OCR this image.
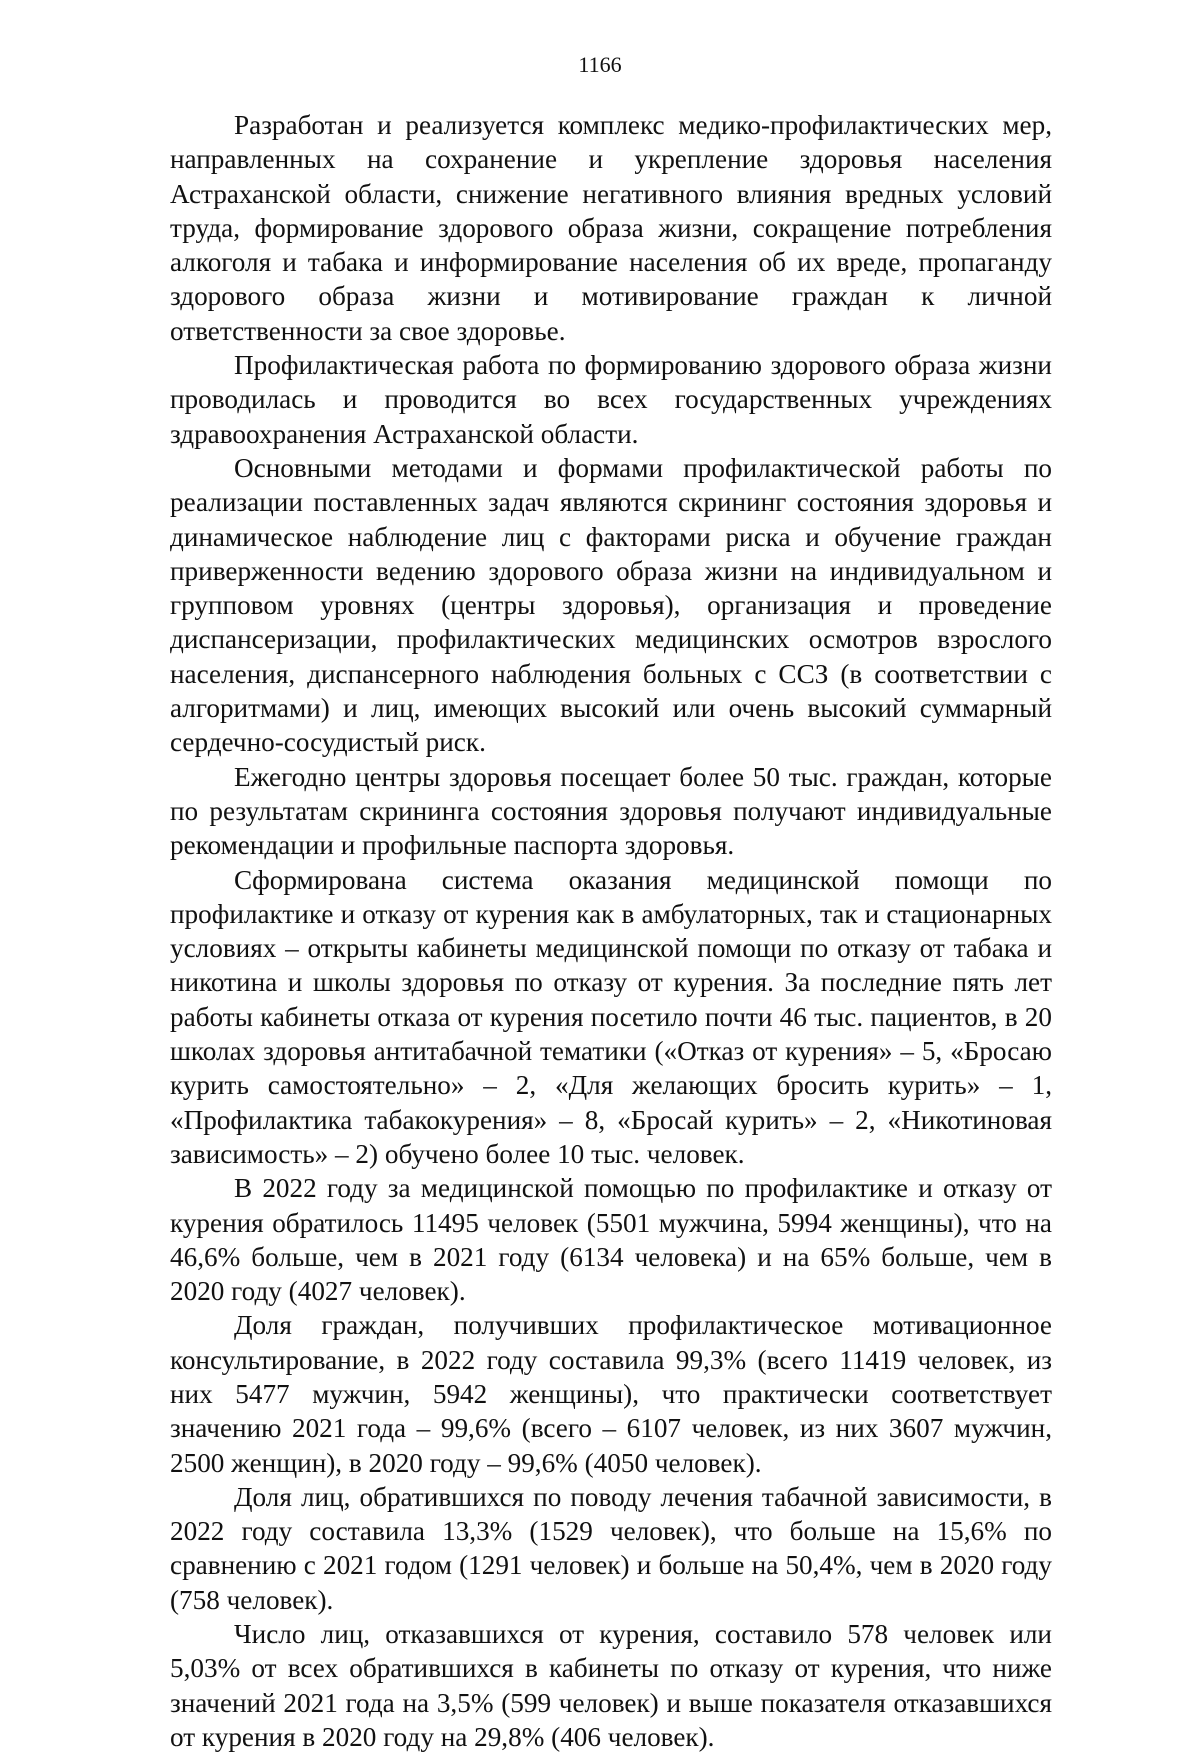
1166

Разработан и реализуется комплекс медико-профилактических мер, направленных на сохранение и укрепление здоровья населения Астраханской области, снижение негативного влияния вредных условий труда, формирование здорового образа жизни, сокращение потребления алкоголя и табака и информирование населения об их вреде, пропаганду здорового образа жизни и мотивирование граждан к личной ответственности за свое здоровье.

Профилактическая работа по формированию здорового образа жизни проводилась и проводится во всех государственных учреждениях здравоохранения Астраханской области.

Основными методами и формами профилактической работы по реализации поставленных задач являются скрининг состояния здоровья и динамическое наблюдение лиц с факторами риска и обучение граждан приверженности ведению здорового образа жизни на индивидуальном и групповом уровнях (центры здоровья), организация и проведение диспансеризации, профилактических медицинских осмотров взрослого населения, диспансерного наблюдения больных с ССЗ (в соответствии с алгоритмами) и лиц, имеющих высокий или очень высокий суммарный сердечно-сосудистый риск.

Ежегодно центры здоровья посещает более 50 тыс. граждан, которые по результатам скрининга состояния здоровья получают индивидуальные рекомендации и профильные паспорта здоровья.

Сформирована система оказания медицинской помощи по профилактике и отказу от курения как в амбулаторных, так и стационарных условиях – открыты кабинеты медицинской помощи по отказу от табака и никотина и школы здоровья по отказу от курения. За последние пять лет работы кабинеты отказа от курения посетило почти 46 тыс. пациентов, в 20 школах здоровья антитабачной тематики («Отказ от курения» – 5, «Бросаю курить самостоятельно» – 2, «Для желающих бросить курить» – 1, «Профилактика табакокурения» – 8, «Бросай курить» – 2, «Никотиновая зависимость» – 2) обучено более 10 тыс. человек.

В 2022 году за медицинской помощью по профилактике и отказу от курения обратилось 11495 человек (5501 мужчина, 5994 женщины), что на 46,6% больше, чем в 2021 году (6134 человека) и на 65% больше, чем в 2020 году (4027 человек).

Доля граждан, получивших профилактическое мотивационное консультирование, в 2022 году составила 99,3% (всего 11419 человек, из них 5477 мужчин, 5942 женщины), что практически соответствует значению 2021 года – 99,6% (всего – 6107 человек, из них 3607 мужчин, 2500 женщин), в 2020 году – 99,6% (4050 человек).

Доля лиц, обратившихся по поводу лечения табачной зависимости, в 2022 году составила 13,3% (1529 человек), что больше на 15,6% по сравнению с 2021 годом (1291 человек) и больше на 50,4%, чем в 2020 году (758 человек).

Число лиц, отказавшихся от курения, составило 578 человек или 5,03% от всех обратившихся в кабинеты по отказу от курения, что ниже значений 2021 года на 3,5% (599 человек) и выше показателя отказавшихся от курения в 2020 году на 29,8% (406 человек).
